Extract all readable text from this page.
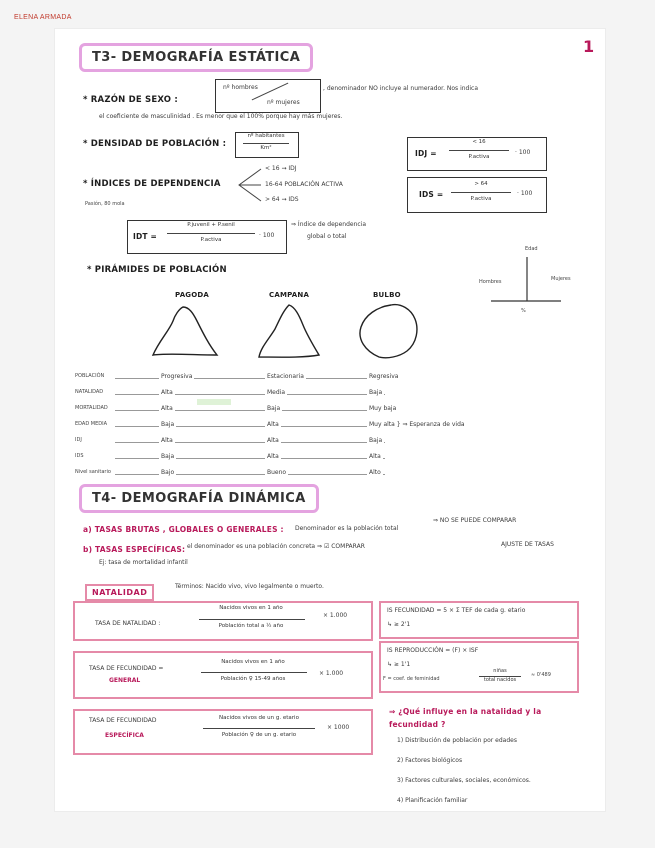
ELENA ARMADA
1
T3- DEMOGRAFÍA ESTÁTICA
* RAZÓN DE SEXO :
nº hombres
nº mujeres
, denominador NO incluye al numerador. Nos indica
el coeficiente de masculinidad . Es menor que el 100% porque hay más mujeres.
* DENSIDAD DE POBLACIÓN :
nº habitantes
Km²
IDJ =
< 16
P.activa
· 100
* ÍNDICES DE DEPENDENCIA
Pasión, 80 mola
< 16 ⇝ IDJ
16-64 POBLACIÓN ACTIVA
> 64 ⇝ IDS
IDS =
> 64
P.activa
· 100
IDT =
P.juvenil + P.senil
P.activa
· 100
⇒ Índice de dependencia
global o total
* PIRÁMIDES DE POBLACIÓN
Edad
Hombres	Mujeres
%
PAGODA	CAMPANA	BULBO
POBLACIÓN	Progresiva	Estacionaria	Regresiva
NATALIDAD	Alta	Media	Baja
MORTALIDAD	Alta	Baja	Muy baja
EDAD MEDIA	Baja	Alta	Muy alta } ⇒ Esperanza de vida
IDJ	Alta	Alta	Baja
IDS	Baja	Alta	Alta
Nivel sanitario	Bajo	Bueno	Alto
T4- DEMOGRAFÍA DINÁMICA
a) TASAS BRUTAS , GLOBALES O GENERALES : Denominador es la población total
⇒ NO SE PUEDE COMPARAR
AJUSTE DE TASAS
b) TASAS ESPECÍFICAS: el denominador es una población concreta ⇒ ☑ COMPARAR
Ej: tasa de mortalidad infantil
NATALIDAD
Términos: Nacido vivo, vivo legalmente o muerto.
TASA DE NATALIDAD :
Nacidos vivos en 1 año
Población total a ½ año
× 1.000
TASA DE FECUNDIDAD =
GENERAL
Nacidos vivos en 1 año
Población ♀ 15-49 años
× 1.000
TASA DE FECUNDIDAD
ESPECÍFICA
Nacidos vivos de un g. etario
Población ♀ de un g. etario
× 1000
IS FECUNDIDAD = 5 × Σ TEF de cada g. etario
↳ ≥ 2'1
IS REPRODUCCIÓN = (F) × ISF
↳ ≥ 1'1
F = coef. de feminidad
niñas
total nacidos
≈ 0'489
⇒ ¿Qué influye en la natalidad y la fecundidad ?
1) Distribución de población por edades
2) Factores biológicos
3) Factores culturales, sociales, económicos.
4) Planificación familiar
